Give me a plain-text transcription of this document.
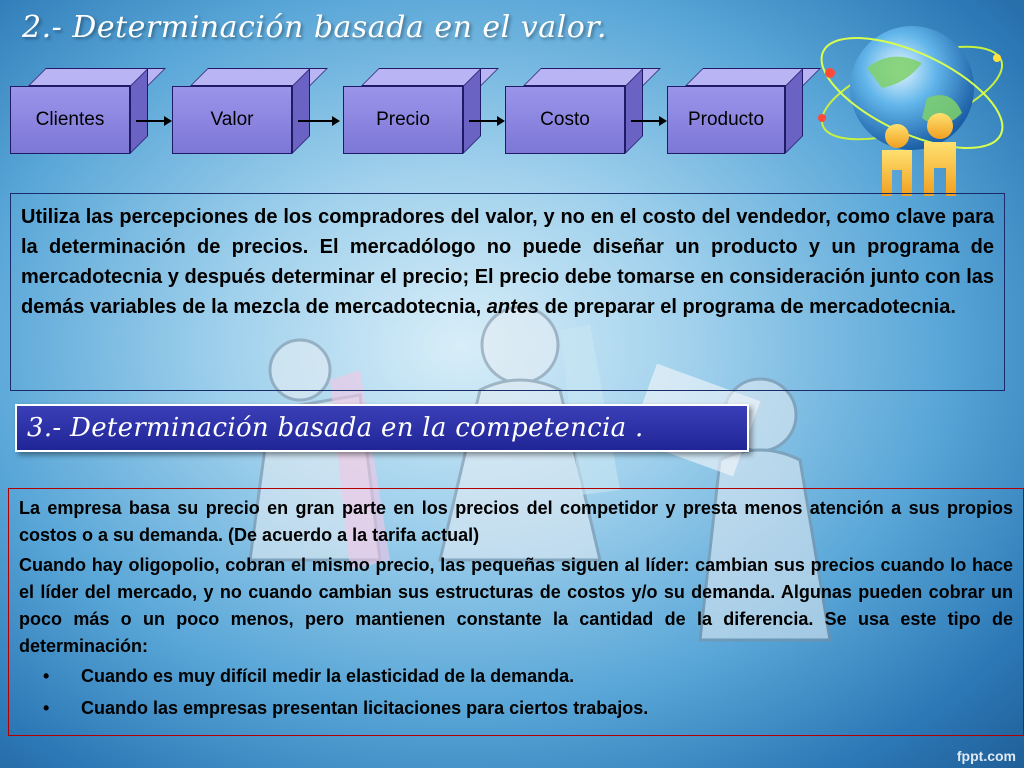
2.- Determinación basada en el valor.
Clientes	Valor	Precio	Costo	Producto
Utiliza las percepciones de los compradores del valor, y no en el costo del vendedor, como clave para la determinación de precios. El mercadólogo no puede diseñar un producto y un programa de mercadotecnia y después determinar el precio; El precio debe tomarse en consideración junto con las demás variables de la mezcla de mercadotecnia, antes de preparar el programa de mercadotecnia.
3.- Determinación basada en la competencia .

La empresa basa su precio en gran parte en los precios del competidor y presta menos atención a sus propios costos o a su demanda. (De acuerdo a la tarifa actual)

Cuando hay oligopolio, cobran el mismo precio, las pequeñas siguen al líder: cambian sus precios cuando lo hace el líder del mercado, y no cuando cambian sus estructuras de costos y/o su demanda. Algunas pueden cobrar un poco más o un poco menos, pero mantienen constante la cantidad de la diferencia. Se usa este tipo de determinación:

• Cuando es muy difícil medir la elasticidad de la demanda.
• Cuando las empresas presentan licitaciones para ciertos trabajos.
fppt.com
